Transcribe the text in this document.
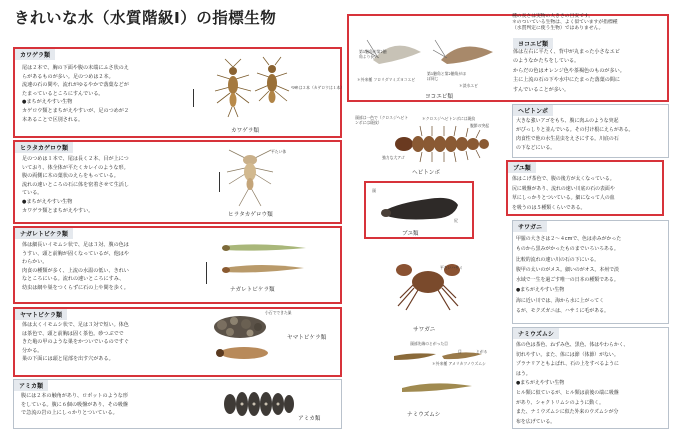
きれいな水（水質階級Ⅰ）の指標生物
カワゲラ類

尾は２本で、胸の下面や腹の末端にふさ状のえ

らがあるものが多い。足のつめは２本。

流速の石の間や、流れがゆるやかで落葉などが

たまっているところにすんでいる。

●まちがえやすい生物

カゲロウ類とまちがえやすいが、足のつめが２

本あることで区別される。

つめは２本（カゲロウは１本）
カワゲラ類
ヒラタカゲロウ類

足のつめは１本で、尾は長く２本、目が上につ

いており、体全体が平たくカレイのような形。

腹の両側に木の葉状のえらをもっている。

流れの速いところの石に体を密着させて生活し

ている。

●まちがえやすい生物

カワゲラ類とまちがえやすい。

平たい体
ヒラタカゲロウ類
ナガレトビケラ類

体は細長いイモムシ状で、足は３対、腹の色は

うすい、頭と前胸が固くなっているが、他はや

わらかい。

肉食の種類が多く、上流の水温の低い、きれい

なところにいる。流れの速いところにすみ、

幼虫は網や巣をつくらずに石の上や間を歩く。	ナガレトビケラ類
ヤマトビケラ類

体は太くイモムシ状で、足は３対で短い。体色

は茶色で、頭と前胸は固く茶色。砂つぶでで

きた亀の甲のような巣をかついでいるのですぐ

分かる。

巣の下面には頭と尾部を出す穴がある。

小石でできた巣
ヤマトビケラ類
アミカ類

腹には２本の触角があり、ロボットのような形

をしている。腹に６個の吸盤があり、その吸盤

で急流の岩の上にしっかりとついている。

アミカ類
第1触角が第2触角より長い
＊外来種 フロリダマミズヨコエビ
第1触角と第2触角がほぼ同じ
＊淡水エビ
ヨコエビ類
ヨコエビ類

体は左右に平たく、背中が丸まった小さなエビ

のようなかたちをしている。

からだの色はオレンジ色や茶褐色のものが多い。

主に上流の石の下や水中にたまった落葉の間に

すんでいることが多い。

種の長さは実物の大きさの目安です。
＊のついている生物は、よく似ていますが指標種
（水質判定に使う生物）ではありません。
頭部は一色で（クロスジヘビトンボには斑紋）
＊クロスジヘビトンボには斑紋
腹節の突起
強力な大アゴ
ヘビトンボ
ヘビトンボ

大きな強いアゴをもち、腹に肉ふのような突起

がびっしりと並んでいる。その付け根にえらがある。

肉食性で他の水生昆虫をえさにする。川底の石

の下などにいる。

頭
尻
ブユ類
ブユ類

体はこげ茶色で、腹の後方が太くなっている。

尻に吸盤があり、流れの速い川底の石の表面や

草にしっかりとついている。細になって人の血

を吸うのは５種類くらいである。

平たいハサミ
サワガニ
サワガニ

甲羅の大きさは２〜４cmで、色は赤みがかった

ものから黒みがかったものまでいろいろある。

比較的流れの速い川の石の下にいる。

腹甲の太いのがメス。細いのがオス。本州で淡

水域で一生を過ごす唯一の日本の種類である。

●まちがえやすい生物

海に近い川では、海から水に上がってく

るが、モクズガニは、ハサミに毛がある。

頭部先端のとがった目
＊外来種 アメリカツノウズムシ
目	とがる
ナミウズムシ
ナミウズムシ

体の色は茶色、ねずみ色、黒色、体はやわらかく、

切れやすい。また、体には節（体節）がない。

プラナリアともよばれ、石の上をすべるように

はう。

●まちがえやすい生物

ヒル類に似ているが、ヒル類は前後の端に吸盤

があり、シャクトリムシのように動く。

また、ナミウズムシに似た外来のウズムシが分

布を広げている。
